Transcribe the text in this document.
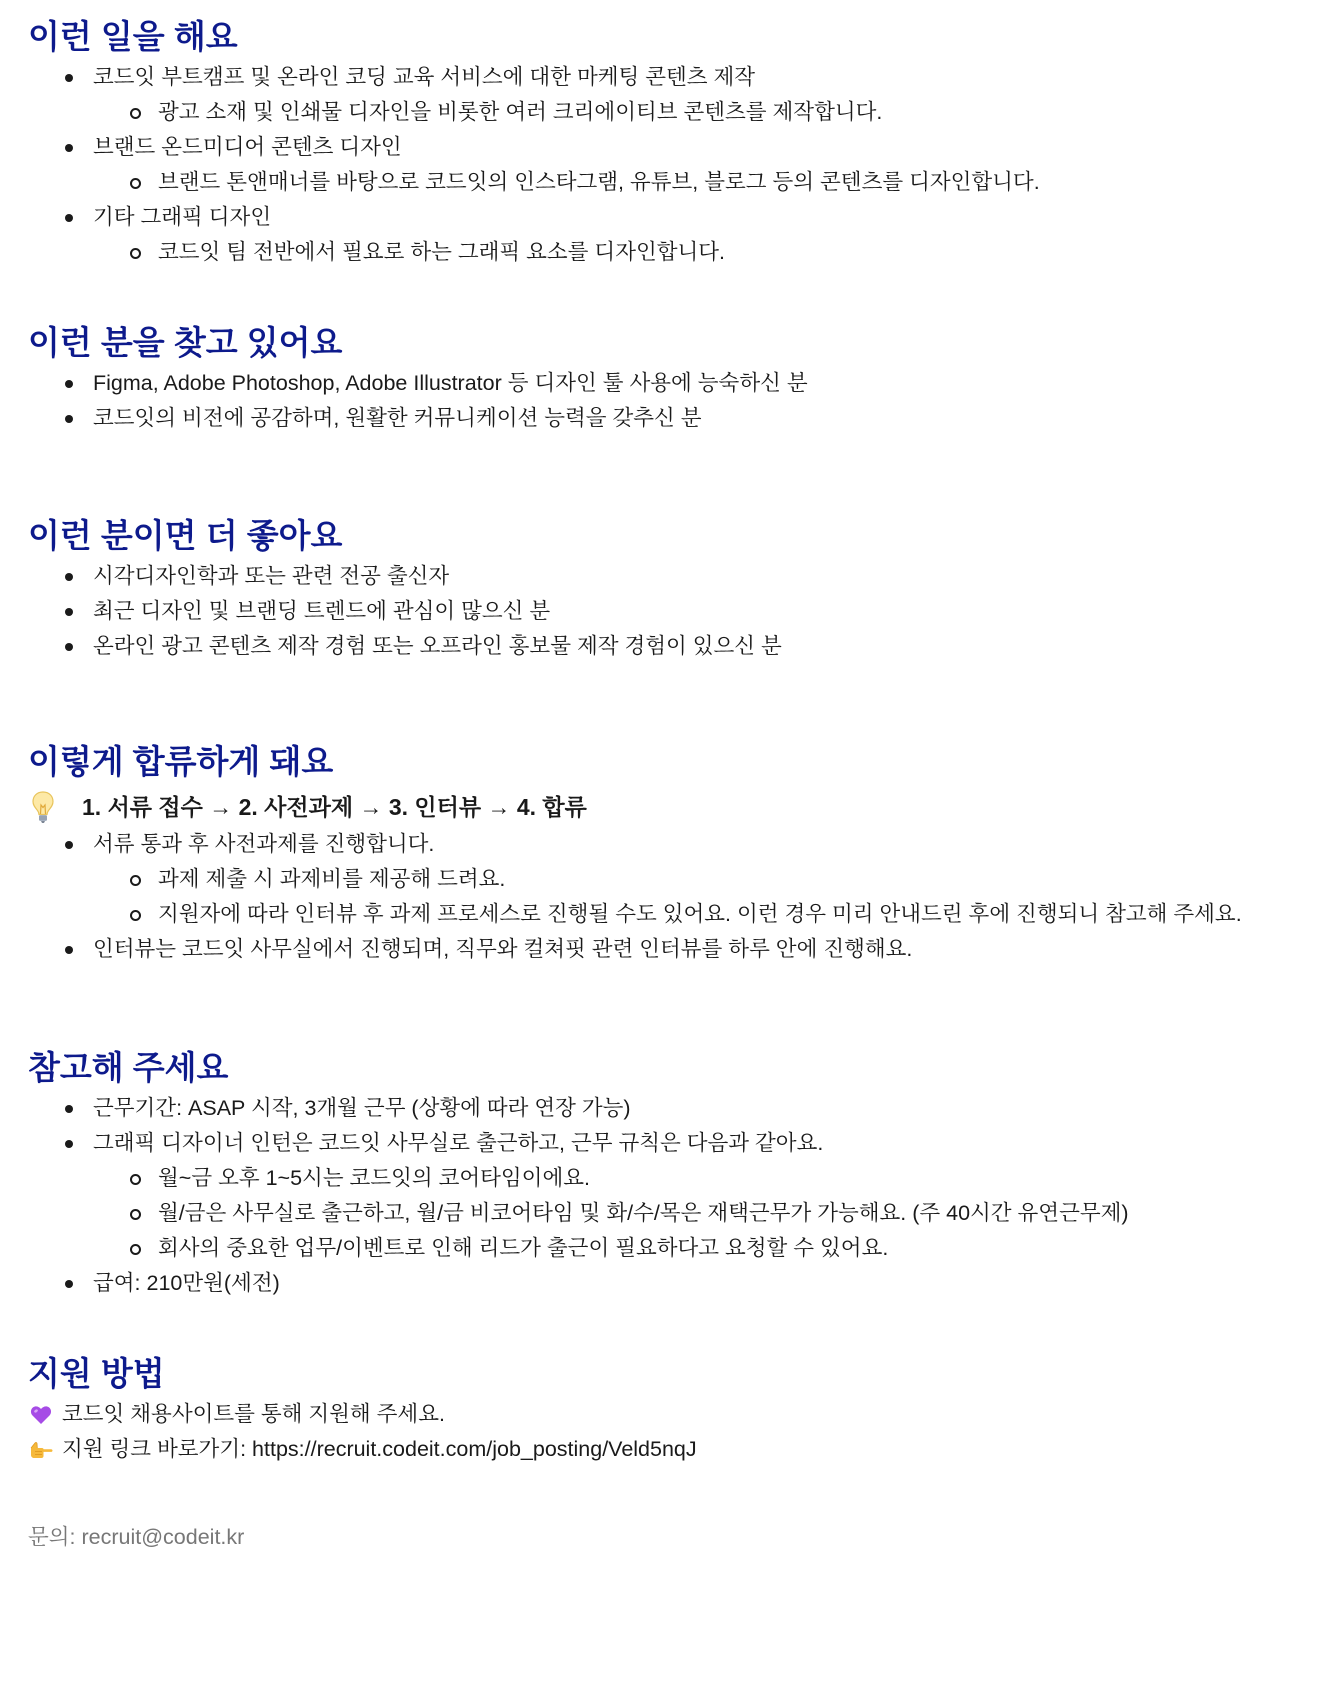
이런 일을 해요
코드잇 부트캠프 및 온라인 코딩 교육 서비스에 대한 마케팅 콘텐츠 제작
광고 소재 및 인쇄물 디자인을 비롯한 여러 크리에이티브 콘텐츠를 제작합니다.
브랜드 온드미디어 콘텐츠 디자인
브랜드 톤앤매너를 바탕으로 코드잇의 인스타그램, 유튜브, 블로그 등의 콘텐츠를 디자인합니다.
기타 그래픽 디자인
코드잇 팀 전반에서 필요로 하는 그래픽 요소를 디자인합니다.
이런 분을 찾고 있어요
Figma, Adobe Photoshop, Adobe Illustrator 등 디자인 툴 사용에 능숙하신 분
코드잇의 비전에 공감하며, 원활한 커뮤니케이션 능력을 갖추신 분
이런 분이면 더 좋아요
시각디자인학과 또는 관련 전공 출신자
최근 디자인 및 브랜딩 트렌드에 관심이 많으신 분
온라인 광고 콘텐츠 제작 경험 또는 오프라인 홍보물 제작 경험이 있으신 분
이렇게 합류하게 돼요
1. 서류 접수 → 2. 사전과제 → 3. 인터뷰 → 4. 합류
서류 통과 후 사전과제를 진행합니다.
과제 제출 시 과제비를 제공해 드려요.
지원자에 따라 인터뷰 후 과제 프로세스로 진행될 수도 있어요. 이런 경우 미리 안내드린 후에 진행되니 참고해 주세요.
인터뷰는 코드잇 사무실에서 진행되며, 직무와 컬쳐핏 관련 인터뷰를 하루 안에 진행해요.
참고해 주세요
근무기간: ASAP 시작, 3개월 근무 (상황에 따라 연장 가능)
그래픽 디자이너 인턴은 코드잇 사무실로 출근하고, 근무 규칙은 다음과 같아요.
월~금 오후 1~5시는 코드잇의 코어타임이에요.
월/금은 사무실로 출근하고, 월/금 비코어타임 및 화/수/목은 재택근무가 가능해요. (주 40시간 유연근무제)
회사의 중요한 업무/이벤트로 인해 리드가 출근이 필요하다고 요청할 수 있어요.
급여: 210만원(세전)
지원 방법
코드잇 채용사이트를 통해 지원해 주세요.
지원 링크 바로가기: https://recruit.codeit.com/job_posting/Veld5nqJ
문의: recruit@codeit.kr
